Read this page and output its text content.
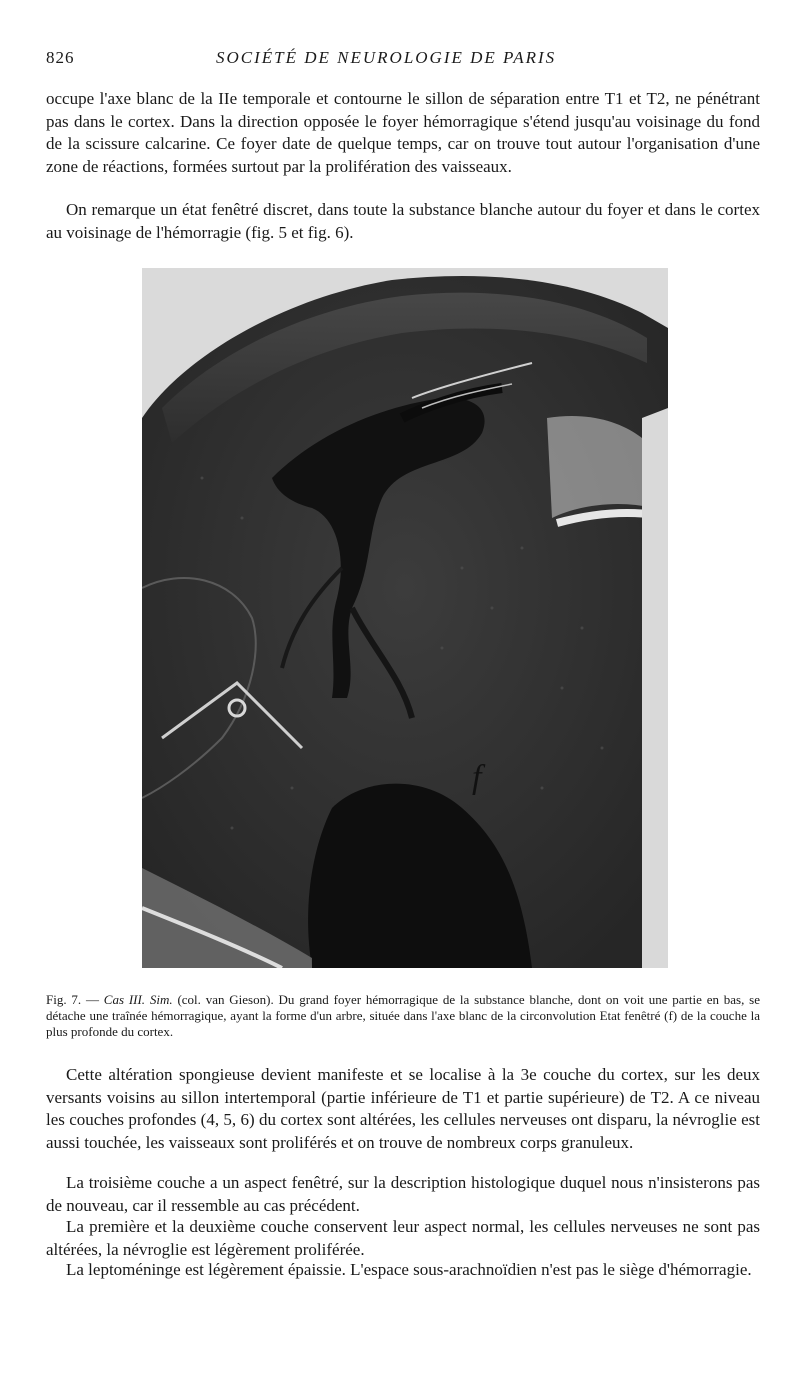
826	SOCIÉTÉ DE NEUROLOGIE DE PARIS

occupe l'axe blanc de la IIe temporale et contourne le sillon de séparation entre T1 et T2, ne pénétrant pas dans le cortex. Dans la direction opposée le foyer hémorragique s'étend jusqu'au voisinage du fond de la scissure calcarine. Ce foyer date de quelque temps, car on trouve tout autour l'organisation d'une zone de réactions, formées surtout par la prolifération des vaisseaux.

On remarque un état fenêtré discret, dans toute la substance blanche autour du foyer et dans le cortex au voisinage de l'hémorragie (fig. 5 et fig. 6).

f

Fig. 7. — Cas III. Sim. (col. van Gieson). Du grand foyer hémorragique de la substance blanche, dont on voit une partie en bas, se détache une traînée hémorragique, ayant la forme d'un arbre, située dans l'axe blanc de la circonvolution Etat fenêtré (f) de la couche la plus profonde du cortex.

Cette altération spongieuse devient manifeste et se localise à la 3e couche du cortex, sur les deux versants voisins au sillon intertemporal (partie inférieure de T1 et partie supérieure) de T2. A ce niveau les couches profondes (4, 5, 6) du cortex sont altérées, les cellules nerveuses ont disparu, la névroglie est aussi touchée, les vaisseaux sont proliférés et on trouve de nombreux corps granuleux.

La troisième couche a un aspect fenêtré, sur la description histologique duquel nous n'insisterons pas de nouveau, car il ressemble au cas précédent.

La première et la deuxième couche conservent leur aspect normal, les cellules nerveuses ne sont pas altérées, la névroglie est légèrement proliférée.

La leptoméninge est légèrement épaissie. L'espace sous-arachnoïdien n'est pas le siège d'hémorragie.
